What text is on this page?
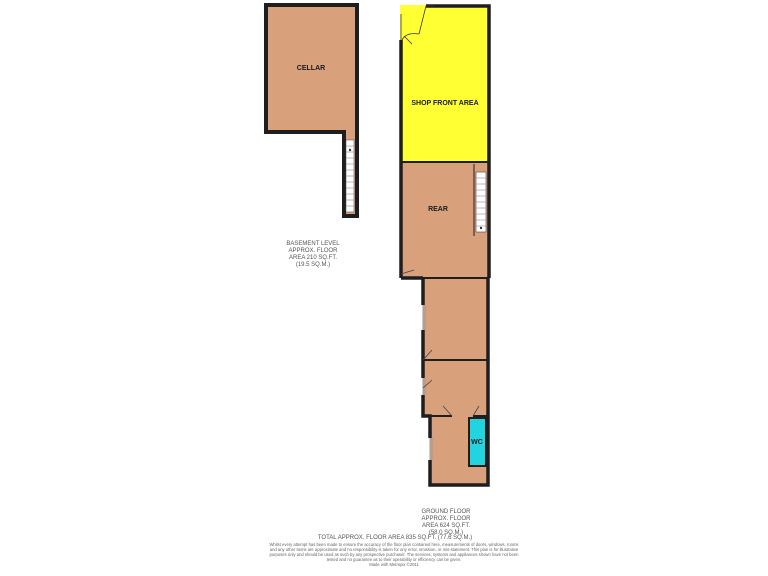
CELLAR
WC
SHOP FRONT AREA
REAR
BASEMENT LEVEL
APPROX. FLOOR
AREA 210 SQ.FT.
(19.5 SQ.M.)
GROUND FLOOR
APPROX. FLOOR
AREA 624 SQ.FT.
(58.0 SQ.M.)
TOTAL APPROX. FLOOR AREA 835 SQ.FT. (77.6 SQ.M.)
Whilst every attempt has been made to ensure the accuracy of the floor plan contained here, measurements of doors, windows, rooms and any other items are approximate and no responsibility is taken for any error, omission, or mis-statement. This plan is for illustrative purposes only and should be used as such by any prospective purchaser. The services, systems and appliances shown have not been tested and no guarantee as to their operability or efficiency can be given.
Made with Metropix ©2011
